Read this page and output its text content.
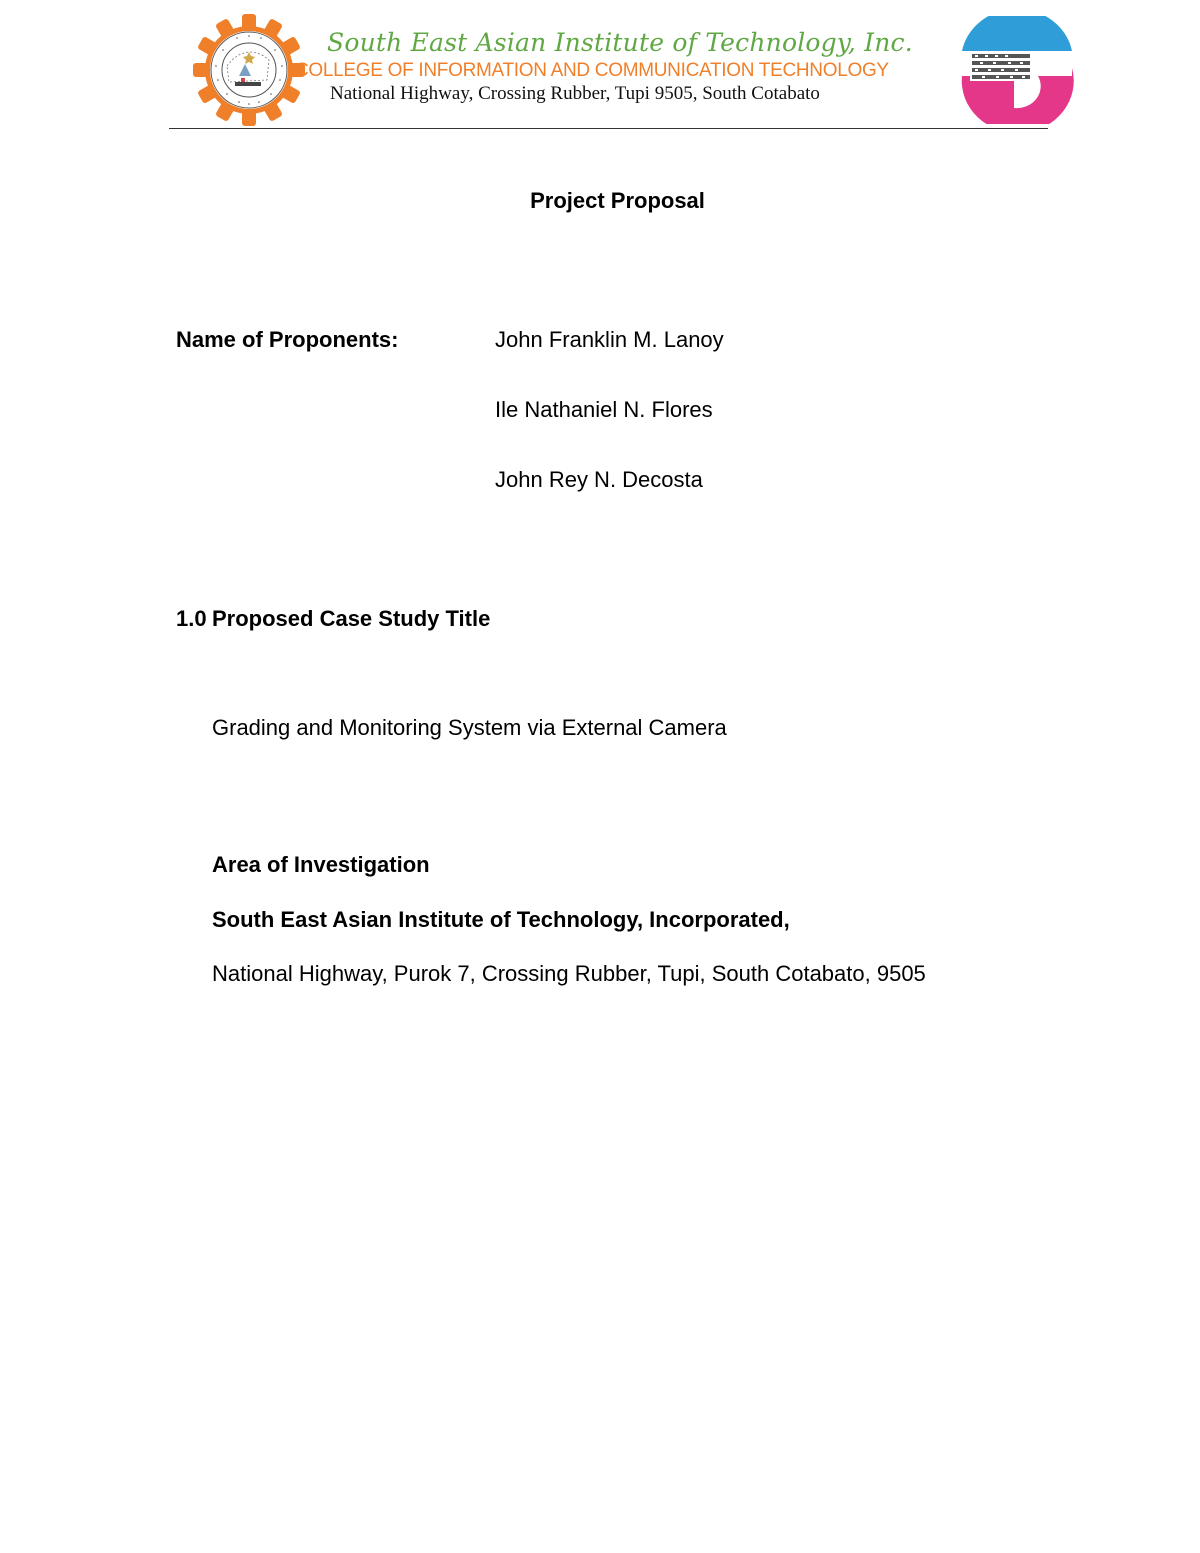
South East Asian Institute of Technology, Inc.
COLLEGE OF INFORMATION AND COMMUNICATION TECHNOLOGY
National Highway, Crossing Rubber, Tupi 9505, South Cotabato
Project Proposal
Name of Proponents:	John Franklin M. Lanoy
Ile Nathaniel N. Flores
John Rey N. Decosta
1.0 Proposed Case Study Title
Grading and Monitoring System via External Camera
Area of Investigation
South East Asian Institute of Technology, Incorporated,
National Highway, Purok 7, Crossing Rubber, Tupi, South Cotabato, 9505
